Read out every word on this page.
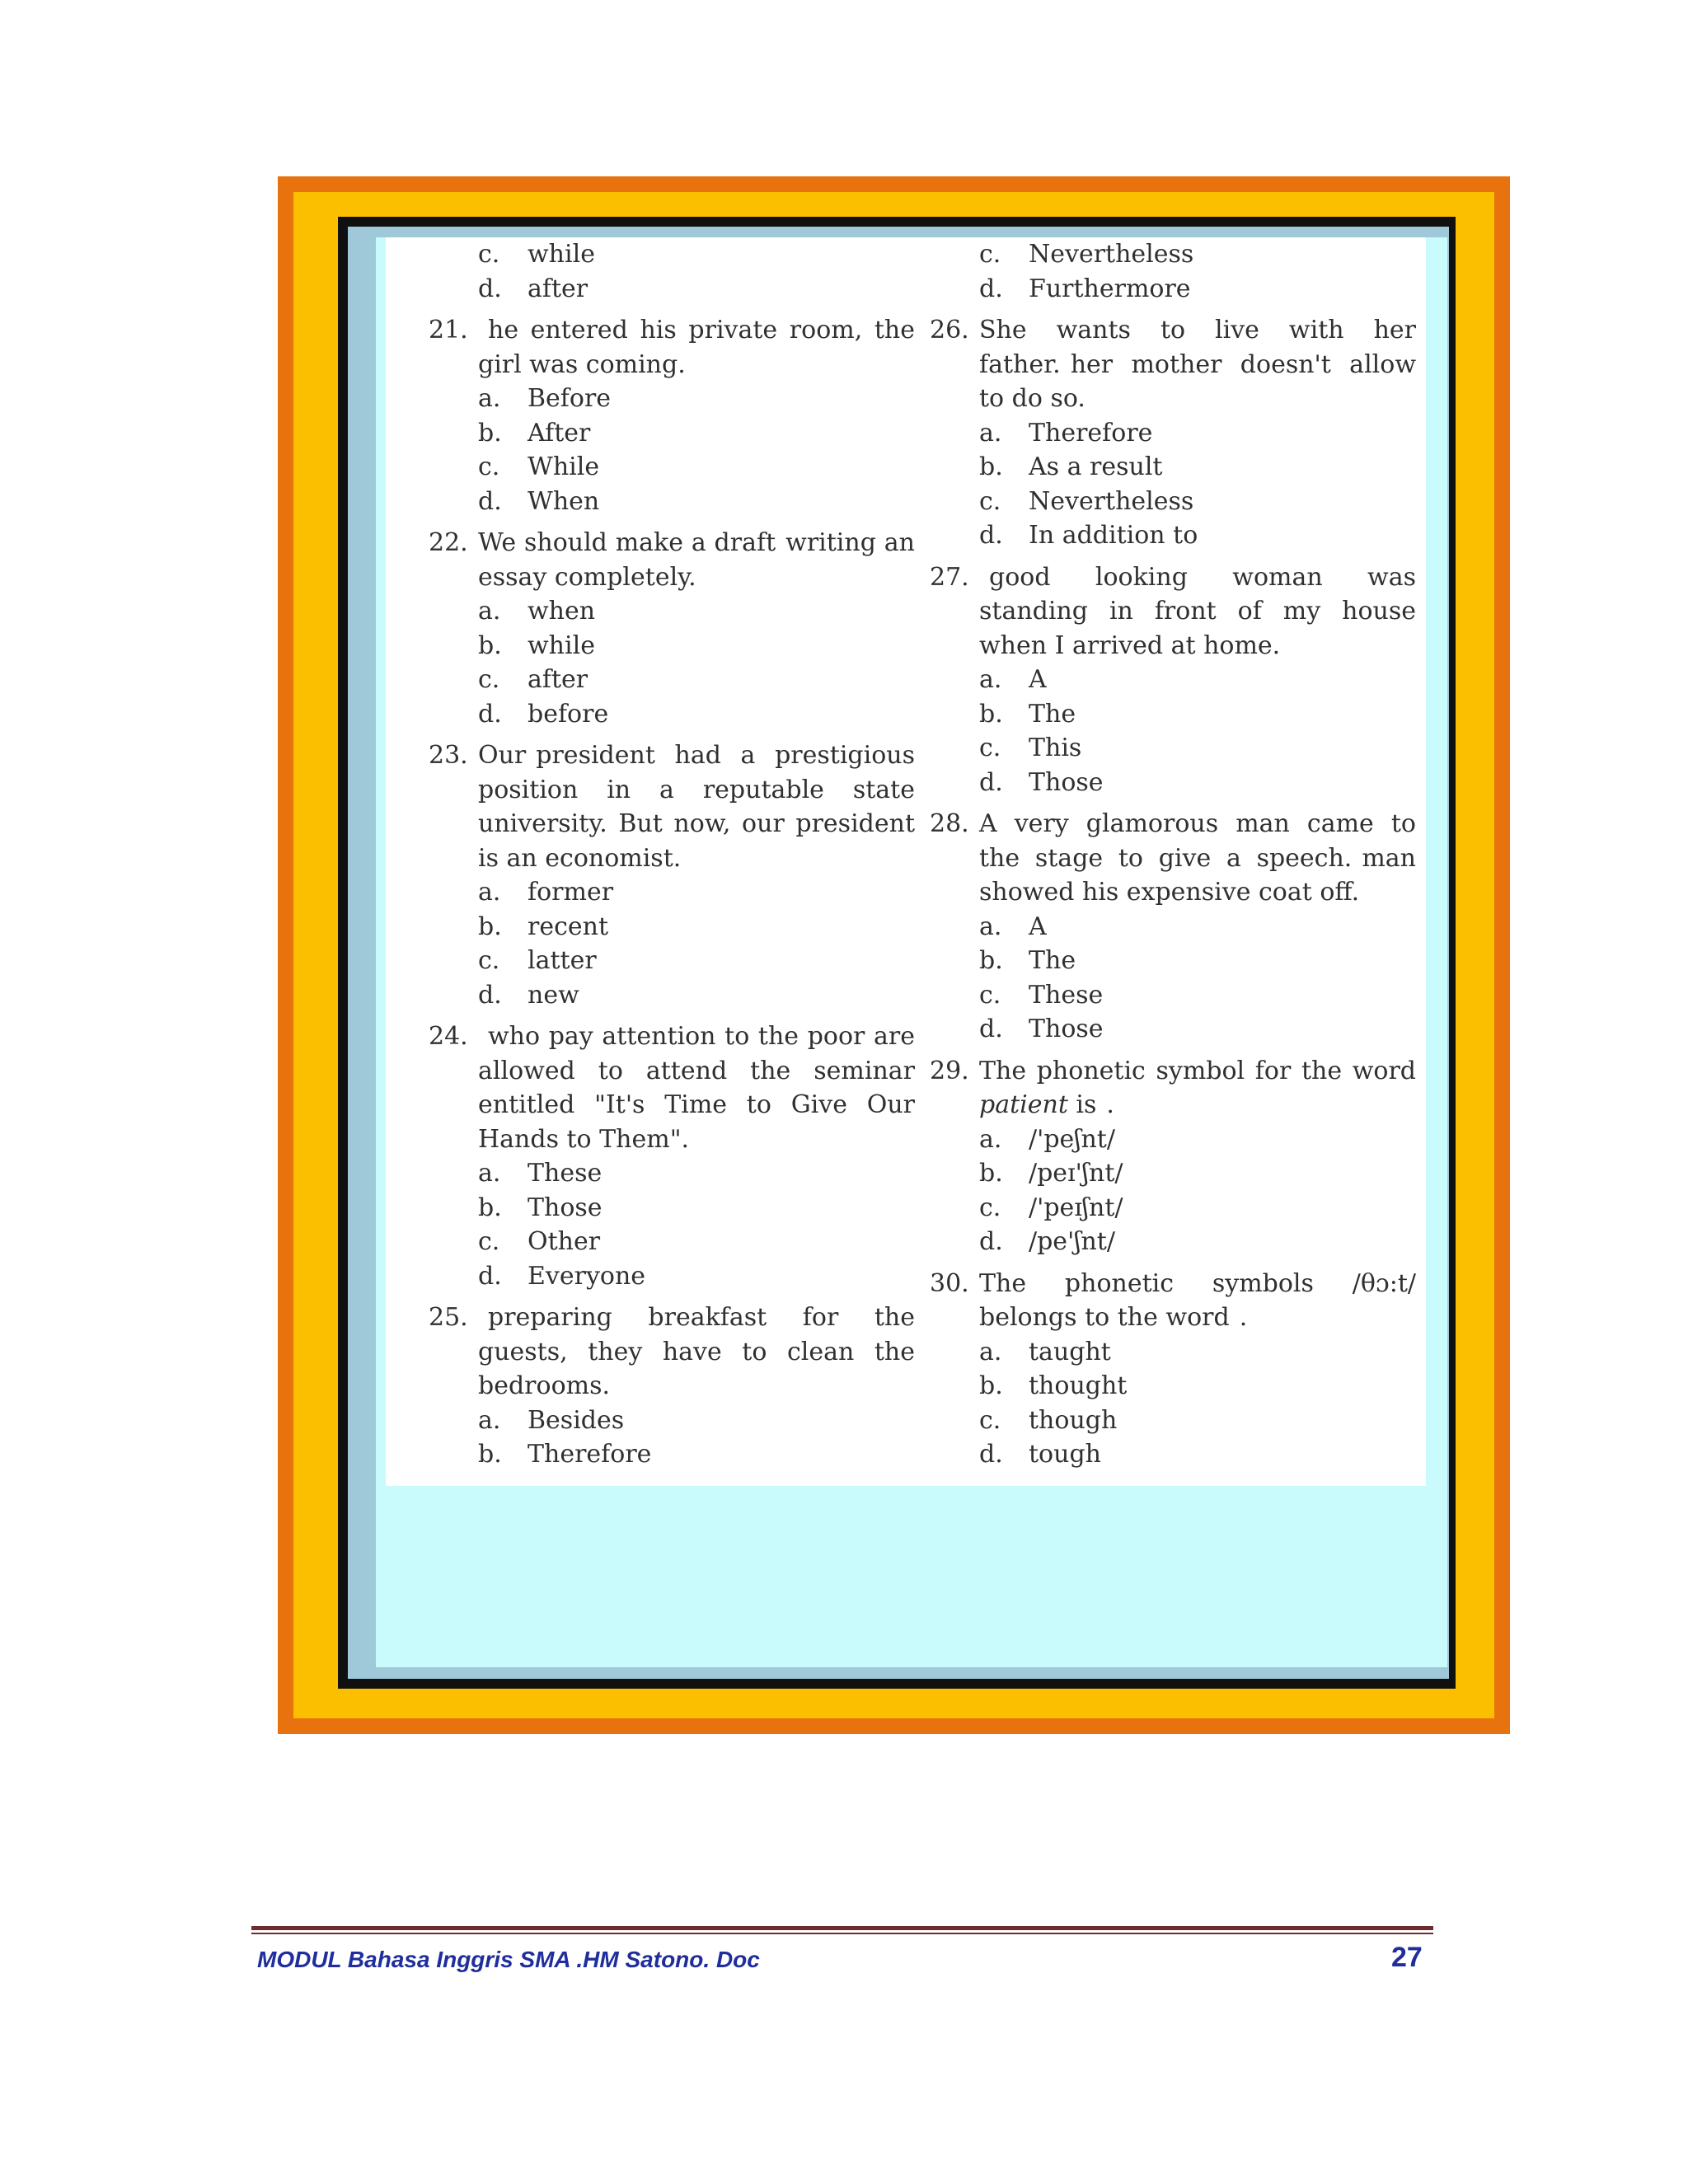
c. while
d. after
21. he entered his private room, the girl was coming.
a. Before
b. After
c. While
d. When
22. We should make a draft writing an essay completely.
a. when
b. while
c. after
d. before
23. Our president had a prestigious position in a reputable state university. But now, our president is an economist.
a. former
b. recent
c. latter
d. new
24. who pay attention to the poor are allowed to attend the seminar entitled "It's Time to Give Our Hands to Them".
a. These
b. Those
c. Other
d. Everyone
25. preparing breakfast for the guests, they have to clean the bedrooms.
a. Besides
b. Therefore
c. Nevertheless
d. Furthermore
26. She wants to live with her father. her mother doesn't allow to do so.
a. Therefore
b. As a result
c. Nevertheless
d. In addition to
27. good looking woman was standing in front of my house when I arrived at home.
a. A
b. The
c. This
d. Those
28. A very glamorous man came to the stage to give a speech. man showed his expensive coat off.
a. A
b. The
c. These
d. Those
29. The phonetic symbol for the word patient is .
a. /'peʃnt/
b. /peɪ'ʃnt/
c. /'peɪʃnt/
d. /pe'ʃnt/
30. The phonetic symbols /θɔ:t/ belongs to the word .
a. taught
b. thought
c. though
d. tough
MODUL Bahasa Inggris SMA .HM Satono. Doc	27
